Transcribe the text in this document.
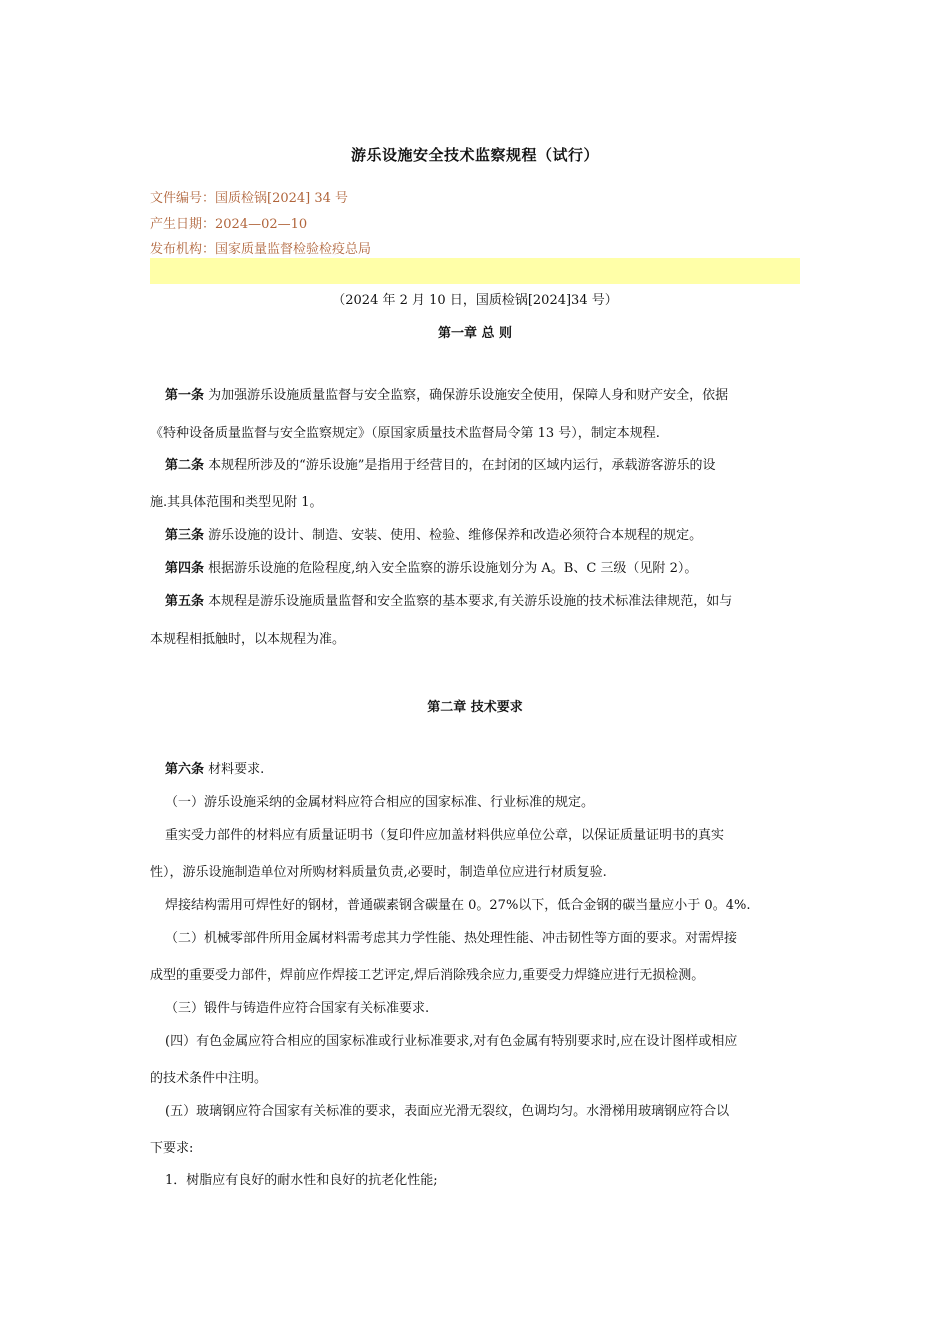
游乐设施安全技术监察规程（试行）
文件编号：国质检锅[2024] 34 号
产生日期：2024—02—10
发布机构：国家质量监督检验检疫总局
（2024 年 2 月 10 日，国质检锅[2024]34 号）
第一章 总 则
第一条 为加强游乐设施质量监督与安全监察，确保游乐设施安全使用，保障人身和财产安全，依据
《特种设备质量监督与安全监察规定》（原国家质量技术监督局令第 13 号），制定本规程.
第二条 本规程所涉及的“游乐设施”是指用于经营目的，在封闭的区域内运行，承载游客游乐的设
施.其具体范围和类型见附 1。
第三条 游乐设施的设计、制造、安装、使用、检验、维修保养和改造必须符合本规程的规定。
第四条 根据游乐设施的危险程度,纳入安全监察的游乐设施划分为 A。B、C 三级（见附 2）。
第五条 本规程是游乐设施质量监督和安全监察的基本要求,有关游乐设施的技术标准法律规范，如与
本规程相抵触时，以本规程为准。
第二章 技术要求
第六条 材料要求.
（一）游乐设施采纳的金属材料应符合相应的国家标准、行业标准的规定。
重实受力部件的材料应有质量证明书（复印件应加盖材料供应单位公章，以保证质量证明书的真实
性），游乐设施制造单位对所购材料质量负责,必要时，制造单位应进行材质复验.
焊接结构需用可焊性好的钢材，普通碳素钢含碳量在 0。27%以下，低合金钢的碳当量应小于 0。4%.
（二）机械零部件所用金属材料需考虑其力学性能、热处理性能、冲击韧性等方面的要求。对需焊接
成型的重要受力部件，焊前应作焊接工艺评定,焊后消除残余应力,重要受力焊缝应进行无损检测。
（三）锻件与铸造件应符合国家有关标准要求.
(四）有色金属应符合相应的国家标准或行业标准要求,对有色金属有特别要求时,应在设计图样或相应
的技术条件中注明。
(五）玻璃钢应符合国家有关标准的要求，表面应光滑无裂纹，色调均匀。水滑梯用玻璃钢应符合以
下要求:
1．树脂应有良好的耐水性和良好的抗老化性能;
